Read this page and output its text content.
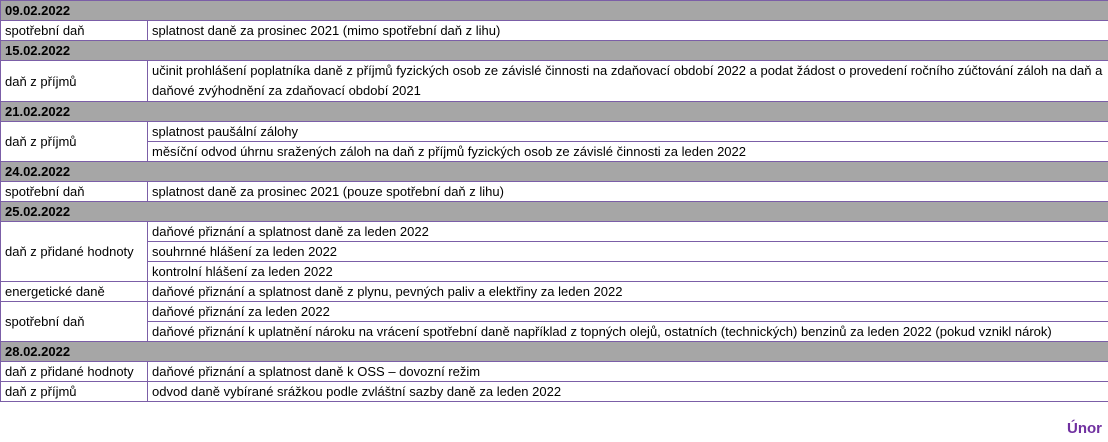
09.02.2022	
spotřební daň	splatnost daně za prosinec 2021 (mimo spotřební daň z lihu)
15.02.2022	
daň z příjmů	učinit prohlášení poplatníka daně z příjmů fyzických osob ze závislé činnosti na zdaňovací období 2022 a podat žádost o provedení ročního zúčtování záloh na daň a daňové zvýhodnění za zdaňovací období 2021
21.02.2022	
daň z příjmů	splatnost paušální zálohy
	měsíční odvod úhrnu sražených záloh na daň z příjmů fyzických osob ze závislé činnosti za leden 2022
24.02.2022	
spotřební daň	splatnost daně za prosinec 2021 (pouze spotřební daň z lihu)
25.02.2022	
daň z přidané hodnoty	daňové přiznání a splatnost daně za leden 2022
	souhrnné hlášení za leden 2022
	kontrolní hlášení za leden 2022
energetické daně	daňové přiznání a splatnost daně z plynu, pevných paliv a elektřiny za leden 2022
spotřební daň	daňové přiznání za leden 2022
	daňové přiznání k uplatnění nároku na vrácení spotřební daně například z topných olejů, ostatních (technických) benzinů za leden 2022 (pokud vznikl nárok)
28.02.2022	
daň z přidané hodnoty	daňové přiznání a splatnost daně k OSS – dovozní režim
daň z příjmů	odvod daně vybírané srážkou podle zvláštní sazby daně za leden 2022
Únor
